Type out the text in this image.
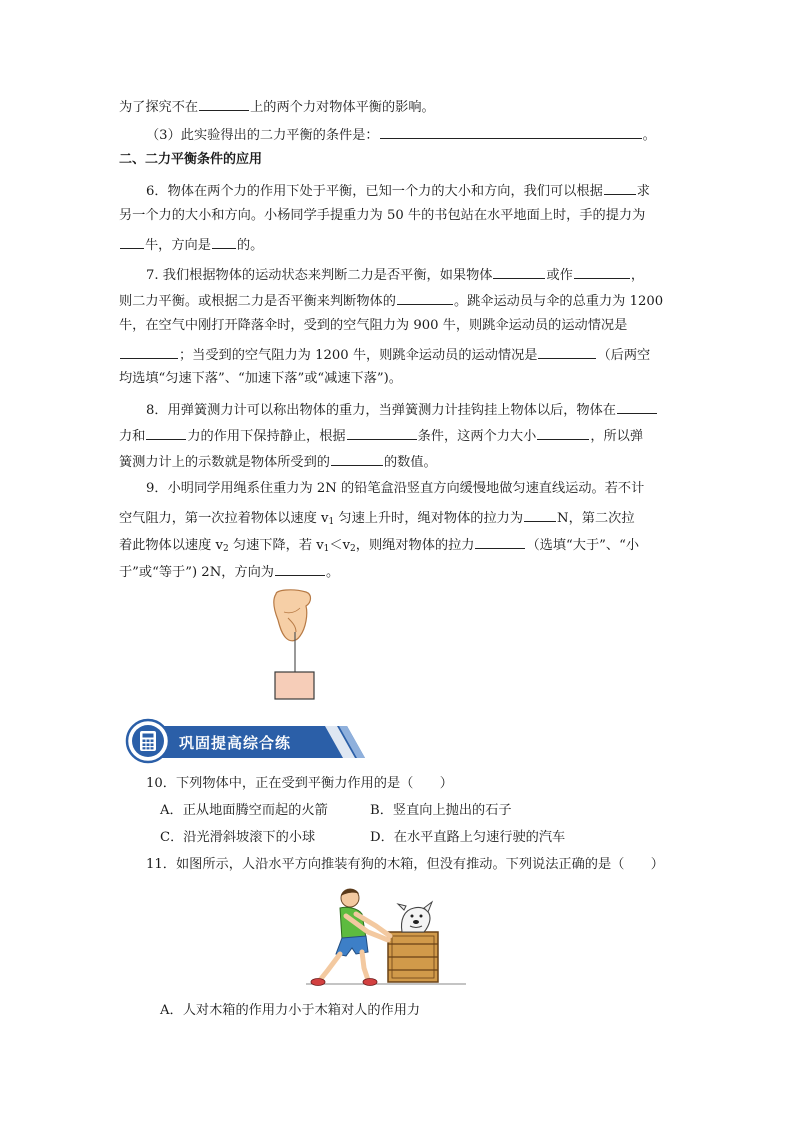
为了探究不在	上的两个力对物体平衡的影响。
（3）此实验得出的二力平衡的条件是：	。
二、二力平衡条件的应用
6．物体在两个力的作用下处于平衡，已知一个力的大小和方向，我们可以根据	求
另一个力的大小和方向。小杨同学手提重力为 50 牛的书包站在水平地面上时，手的提力为
牛，方向是 的。
7. 我们根据物体的运动状态来判断二力是否平衡，如果物体	或作	，
则二力平衡。或根据二力是否平衡来判断物体的	。跳伞运动员与伞的总重力为 1200
牛，在空气中刚打开降落伞时，受到的空气阻力为 900 牛，则跳伞运动员的运动情况是
；当受到的空气阻力为 1200 牛，则跳伞运动员的运动情况是	（后两空
均选填“匀速下落”、“加速下落”或“减速下落”)。
8．用弹簧测力计可以称出物体的重力，当弹簧测力计挂钩挂上物体以后，物体在
力和	力的作用下保持静止，根据	条件，这两个力大小	，所以弹
簧测力计上的示数就是物体所受到的	的数值。
9．小明同学用绳系住重力为 2N 的铅笔盒沿竖直方向缓慢地做匀速直线运动。若不计
空气阻力，第一次拉着物体以速度 $v_1$ 匀速上升时，绳对物体的拉力为	N，第二次拉
着此物体以速度 $v_2$ 匀速下降，若 $v_1<v_2$，则绳对物体的拉力	（选填“大于”、“小
于”或“等于”) 2N，方向为	。
巩固提高综合练
10．下列物体中，正在受到平衡力作用的是（　　）
A．正从地面腾空而起的火箭	B．竖直向上抛出的石子
C．沿光滑斜坡滚下的小球	D．在水平直路上匀速行驶的汽车
11．如图所示，人沿水平方向推装有狗的木箱，但没有推动。下列说法正确的是（　　）
A．人对木箱的作用力小于木箱对人的作用力
